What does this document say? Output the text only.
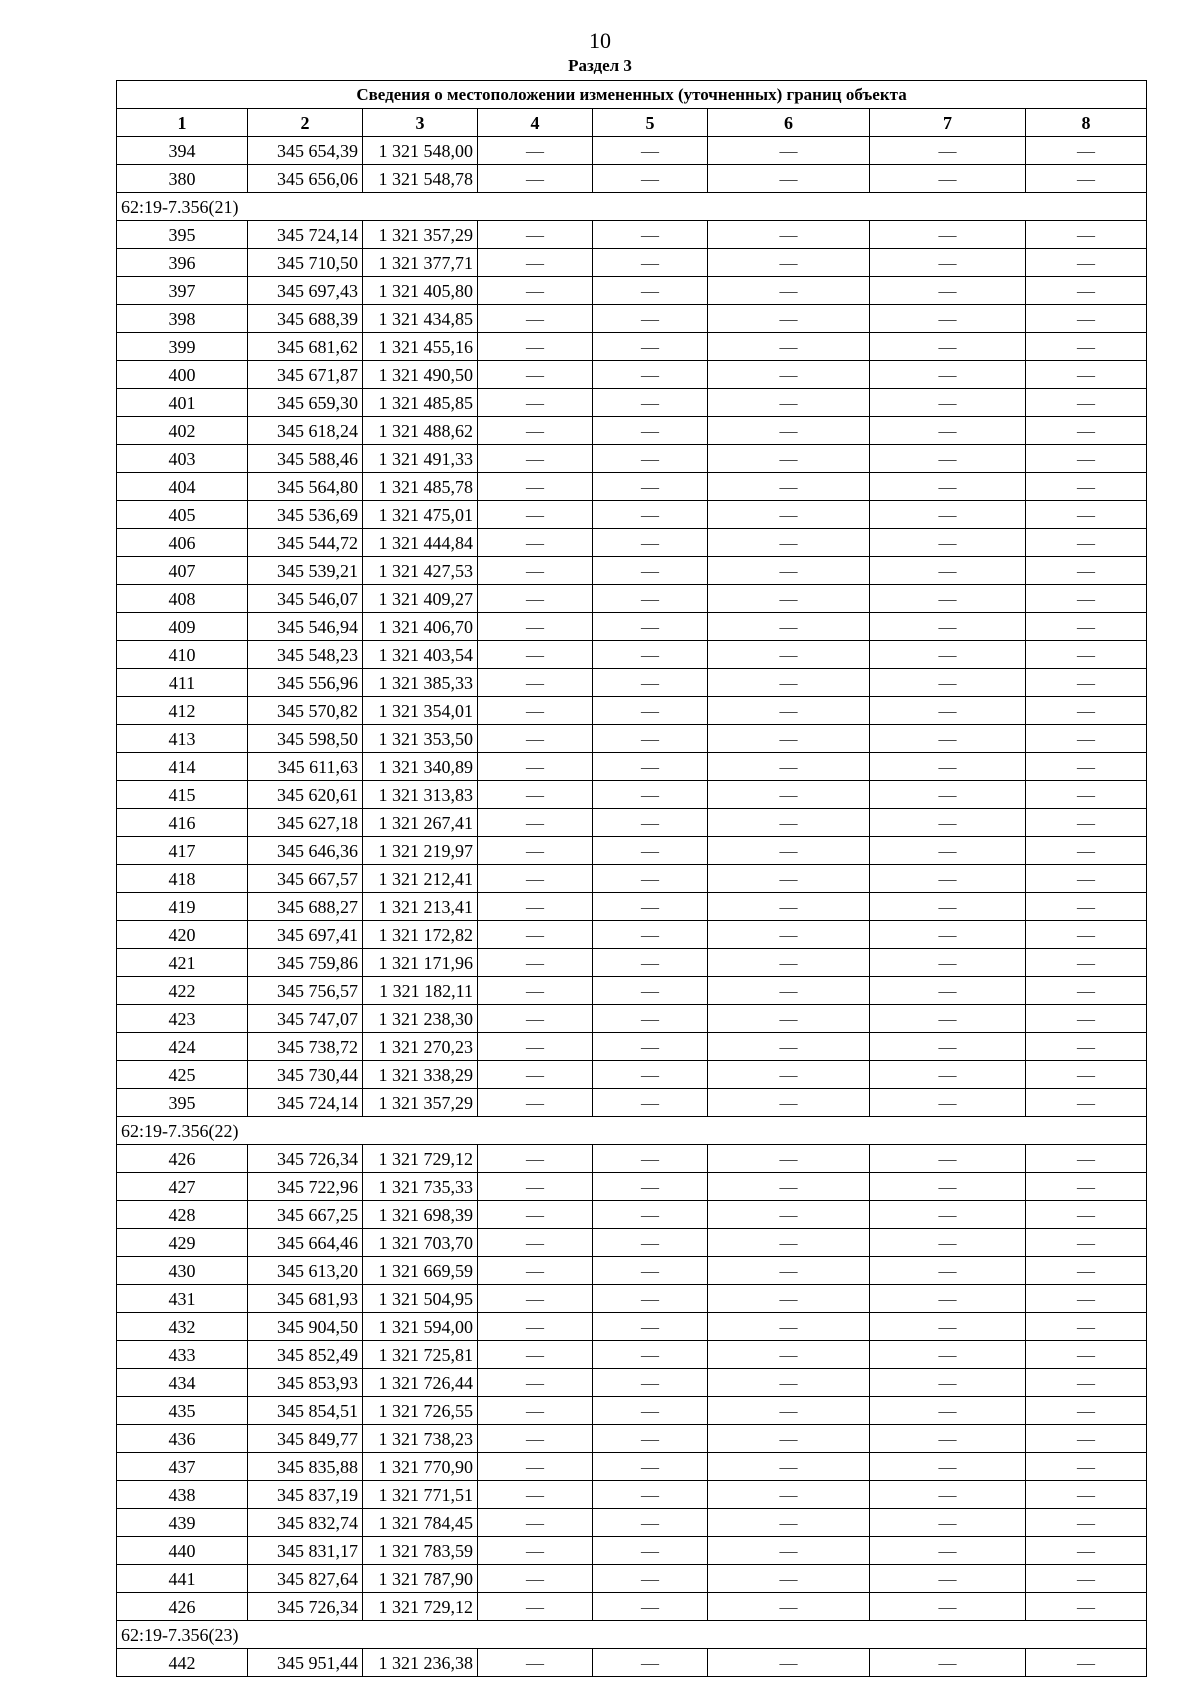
10
Раздел 3
Сведения о местоположении измененных (уточненных) границ объекта							
1	2	3	4	5	6	7	8
394	345 654,39	1 321 548,00	—	—	—	—	—
380	345 656,06	1 321 548,78	—	—	—	—	—
62:19-7.356(21)							
395	345 724,14	1 321 357,29	—	—	—	—	—
396	345 710,50	1 321 377,71	—	—	—	—	—
397	345 697,43	1 321 405,80	—	—	—	—	—
398	345 688,39	1 321 434,85	—	—	—	—	—
399	345 681,62	1 321 455,16	—	—	—	—	—
400	345 671,87	1 321 490,50	—	—	—	—	—
401	345 659,30	1 321 485,85	—	—	—	—	—
402	345 618,24	1 321 488,62	—	—	—	—	—
403	345 588,46	1 321 491,33	—	—	—	—	—
404	345 564,80	1 321 485,78	—	—	—	—	—
405	345 536,69	1 321 475,01	—	—	—	—	—
406	345 544,72	1 321 444,84	—	—	—	—	—
407	345 539,21	1 321 427,53	—	—	—	—	—
408	345 546,07	1 321 409,27	—	—	—	—	—
409	345 546,94	1 321 406,70	—	—	—	—	—
410	345 548,23	1 321 403,54	—	—	—	—	—
411	345 556,96	1 321 385,33	—	—	—	—	—
412	345 570,82	1 321 354,01	—	—	—	—	—
413	345 598,50	1 321 353,50	—	—	—	—	—
414	345 611,63	1 321 340,89	—	—	—	—	—
415	345 620,61	1 321 313,83	—	—	—	—	—
416	345 627,18	1 321 267,41	—	—	—	—	—
417	345 646,36	1 321 219,97	—	—	—	—	—
418	345 667,57	1 321 212,41	—	—	—	—	—
419	345 688,27	1 321 213,41	—	—	—	—	—
420	345 697,41	1 321 172,82	—	—	—	—	—
421	345 759,86	1 321 171,96	—	—	—	—	—
422	345 756,57	1 321 182,11	—	—	—	—	—
423	345 747,07	1 321 238,30	—	—	—	—	—
424	345 738,72	1 321 270,23	—	—	—	—	—
425	345 730,44	1 321 338,29	—	—	—	—	—
395	345 724,14	1 321 357,29	—	—	—	—	—
62:19-7.356(22)							
426	345 726,34	1 321 729,12	—	—	—	—	—
427	345 722,96	1 321 735,33	—	—	—	—	—
428	345 667,25	1 321 698,39	—	—	—	—	—
429	345 664,46	1 321 703,70	—	—	—	—	—
430	345 613,20	1 321 669,59	—	—	—	—	—
431	345 681,93	1 321 504,95	—	—	—	—	—
432	345 904,50	1 321 594,00	—	—	—	—	—
433	345 852,49	1 321 725,81	—	—	—	—	—
434	345 853,93	1 321 726,44	—	—	—	—	—
435	345 854,51	1 321 726,55	—	—	—	—	—
436	345 849,77	1 321 738,23	—	—	—	—	—
437	345 835,88	1 321 770,90	—	—	—	—	—
438	345 837,19	1 321 771,51	—	—	—	—	—
439	345 832,74	1 321 784,45	—	—	—	—	—
440	345 831,17	1 321 783,59	—	—	—	—	—
441	345 827,64	1 321 787,90	—	—	—	—	—
426	345 726,34	1 321 729,12	—	—	—	—	—
62:19-7.356(23)							
442	345 951,44	1 321 236,38	—	—	—	—	—
